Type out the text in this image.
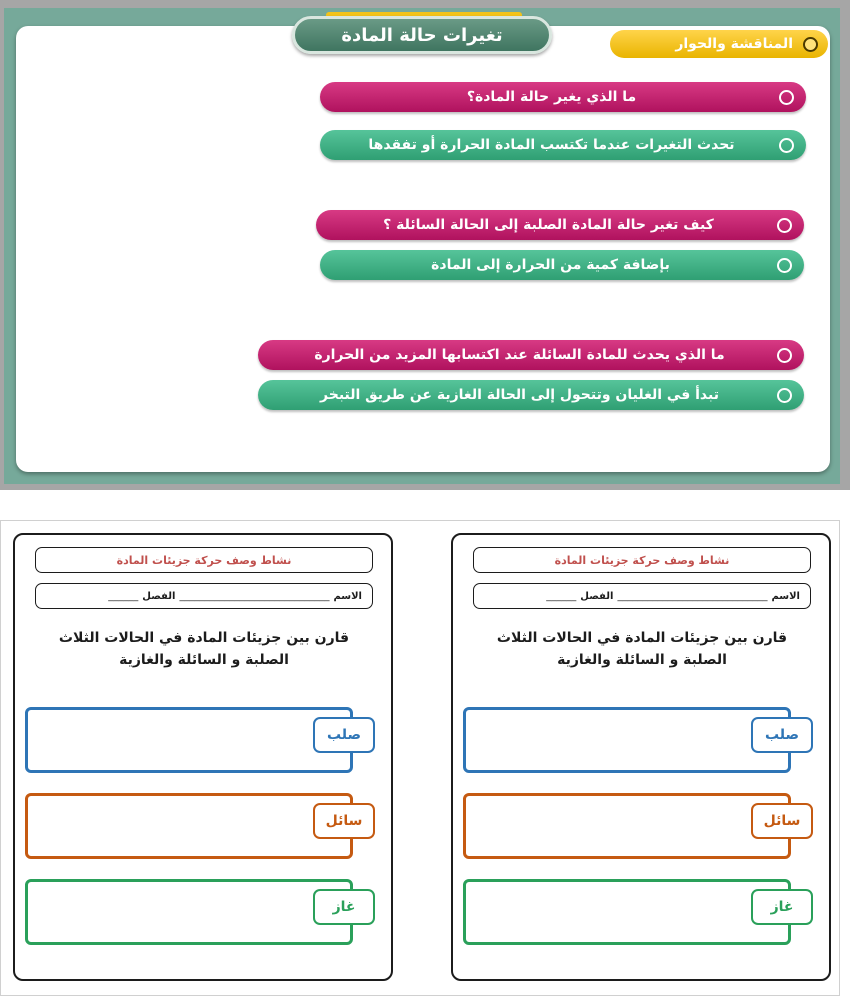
تغيرات حالة المادة	المناقشة والحوار
ما الذي يغير حالة المادة؟
تحدث التغيرات عندما تكتسب المادة الحرارة أو تفقدها
كيف تغير حالة المادة الصلبة إلى الحالة السائلة ؟
بإضافة كمية من الحرارة إلى المادة
ما الذي يحدث للمادة السائلة عند اكتسابها المزيد من الحرارة
تبدأ في الغليان وتتحول إلى الحالة الغازية عن طريق التبخر
نشاط وصف حركة جزيئات المادة
الاسم
______________________________
الفصل
______
قارن بين جزيئات المادة في الحالات الثلاث
الصلبة و السائلة والغازية
صلب
سائل
غاز
نشاط وصف حركة جزيئات المادة
الاسم
______________________________
الفصل
______
قارن بين جزيئات المادة في الحالات الثلاث
الصلبة و السائلة والغازية
صلب
سائل
غاز
